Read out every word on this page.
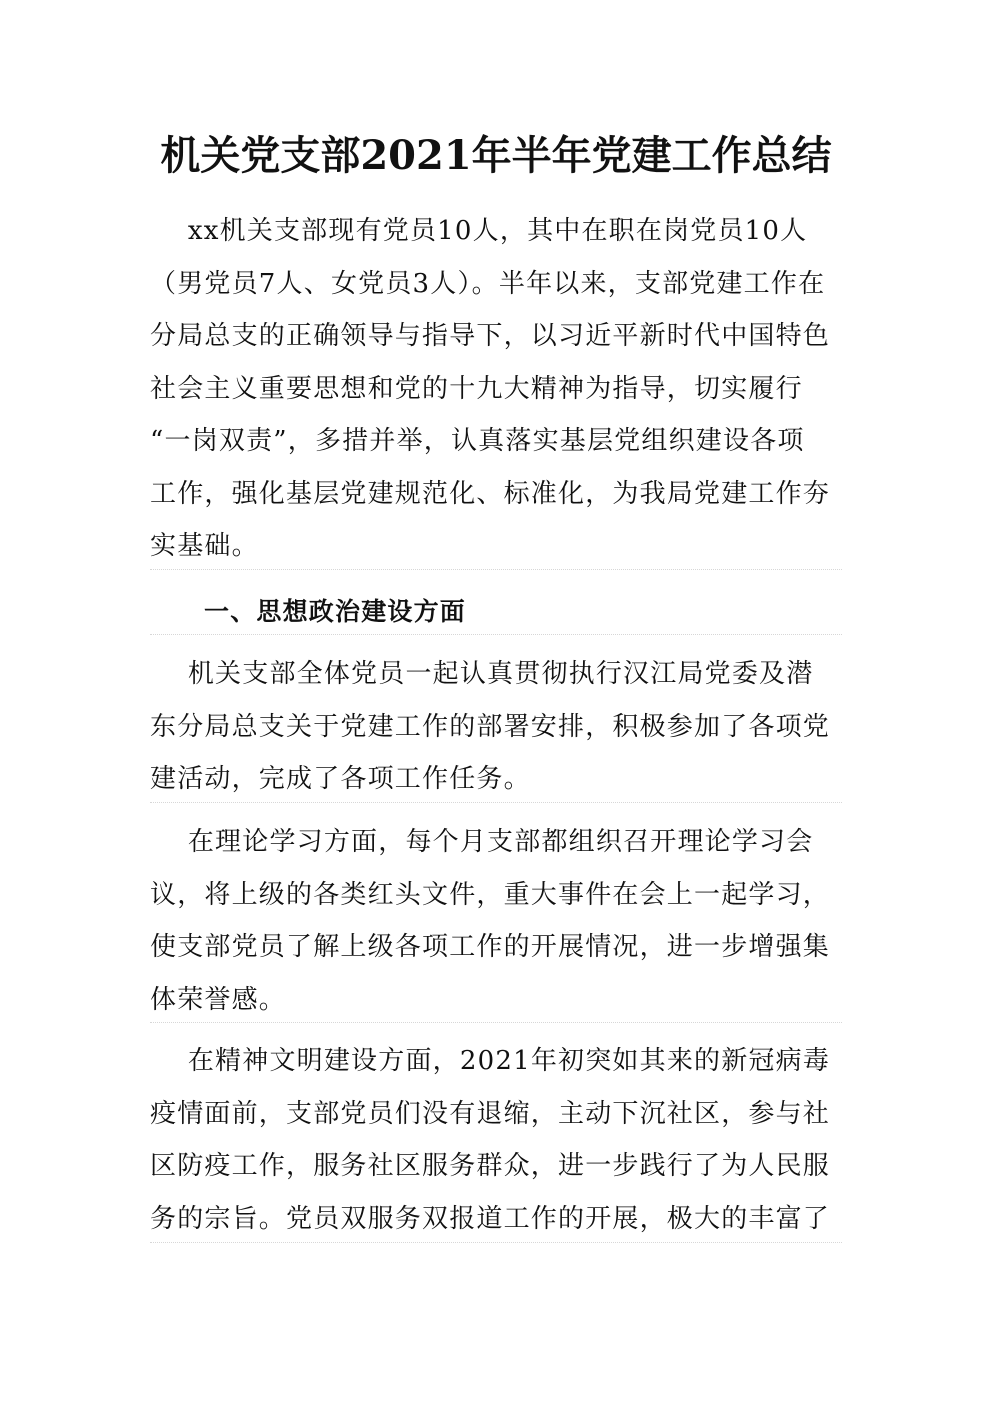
机关党支部2021年半年党建工作总结
xx机关支部现有党员10人，其中在职在岗党员10人
（男党员7人、女党员3人）。半年以来，支部党建工作在
分局总支的正确领导与指导下，以习近平新时代中国特色
社会主义重要思想和党的十九大精神为指导，切实履行
“一岗双责”，多措并举，认真落实基层党组织建设各项
工作，强化基层党建规范化、标准化，为我局党建工作夯
实基础。
一、思想政治建设方面
机关支部全体党员一起认真贯彻执行汉江局党委及潜
东分局总支关于党建工作的部署安排，积极参加了各项党
建活动，完成了各项工作任务。
在理论学习方面，每个月支部都组织召开理论学习会
议，将上级的各类红头文件，重大事件在会上一起学习，
使支部党员了解上级各项工作的开展情况，进一步增强集
体荣誉感。
在精神文明建设方面，2021年初突如其来的新冠病毒
疫情面前，支部党员们没有退缩，主动下沉社区，参与社
区防疫工作，服务社区服务群众，进一步践行了为人民服
务的宗旨。党员双服务双报道工作的开展，极大的丰富了
